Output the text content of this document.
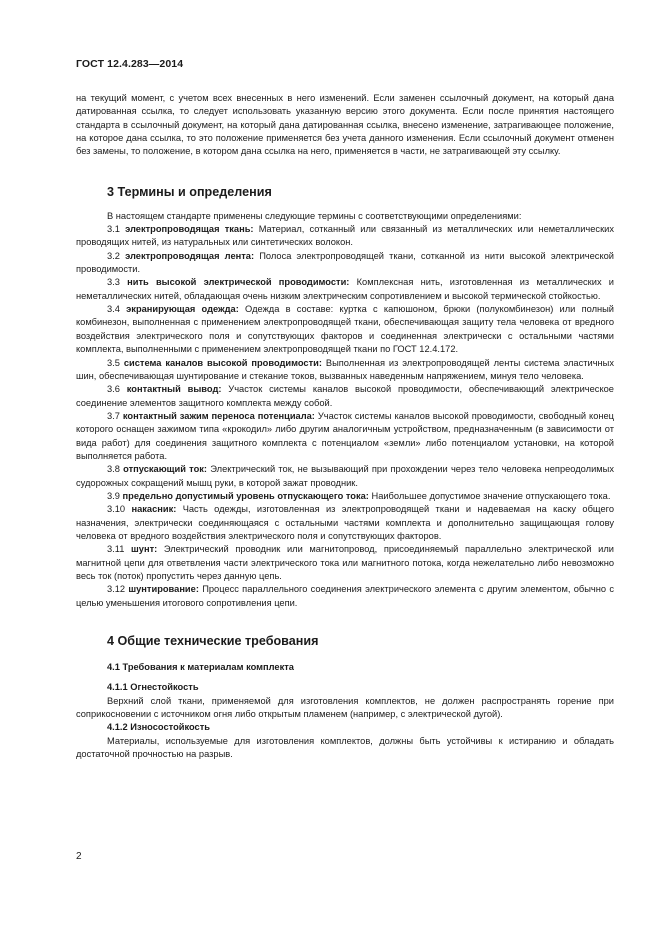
ГОСТ 12.4.283—2014

на текущий момент, с учетом всех внесенных в него изменений. Если заменен ссылочный документ, на который дана датированная ссылка, то следует использовать указанную версию этого документа. Если после принятия настоящего стандарта в ссылочный документ, на который дана датированная ссылка, внесено изменение, затрагивающее положение, на которое дана ссылка, то это положение применяется без учета данного изменения. Если ссылочный документ отменен без замены, то положение, в котором дана ссылка на него, применяется в части, не затрагивающей эту ссылку.

3 Термины и определения

В настоящем стандарте применены следующие термины с соответствующими определениями:

3.1 электропроводящая ткань: Материал, сотканный или связанный из металлических или неметаллических проводящих нитей, из натуральных или синтетических волокон.

3.2 электропроводящая лента: Полоса электропроводящей ткани, сотканной из нити высокой электрической проводимости.

3.3 нить высокой электрической проводимости: Комплексная нить, изготовленная из металлических и неметаллических нитей, обладающая очень низким электрическим сопротивлением и высокой термической стойкостью.

3.4 экранирующая одежда: Одежда в составе: куртка с капюшоном, брюки (полукомбинезон) или полный комбинезон, выполненная с применением электропроводящей ткани, обеспечивающая защиту тела человека от вредного воздействия электрического поля и сопутствующих факторов и соединенная электрически с остальными частями комплекта, выполненными с применением электропроводящей ткани по ГОСТ 12.4.172.

3.5 система каналов высокой проводимости: Выполненная из электропроводящей ленты система эластичных шин, обеспечивающая шунтирование и стекание токов, вызванных наведенным напряжением, минуя тело человека.

3.6 контактный вывод: Участок системы каналов высокой проводимости, обеспечивающий электрическое соединение элементов защитного комплекта между собой.

3.7 контактный зажим переноса потенциала: Участок системы каналов высокой проводимости, свободный конец которого оснащен зажимом типа «крокодил» либо другим аналогичным устройством, предназначенным (в зависимости от вида работ) для соединения защитного комплекта с потенциалом «земли» либо потенциалом установки, на которой выполняется работа.

3.8 отпускающий ток: Электрический ток, не вызывающий при прохождении через тело человека непреодолимых судорожных сокращений мышц руки, в которой зажат проводник.

3.9 предельно допустимый уровень отпускающего тока: Наибольшее допустимое значение отпускающего тока.

3.10 накасник: Часть одежды, изготовленная из электропроводящей ткани и надеваемая на каску общего назначения, электрически соединяющаяся с остальными частями комплекта и дополнительно защищающая голову человека от вредного воздействия электрического поля и сопутствующих факторов.

3.11 шунт: Электрический проводник или магнитопровод, присоединяемый параллельно электрической или магнитной цепи для ответвления части электрического тока или магнитного потока, когда нежелательно либо невозможно весь ток (поток) пропустить через данную цепь.

3.12 шунтирование: Процесс параллельного соединения электрического элемента с другим элементом, обычно с целью уменьшения итогового сопротивления цепи.

4 Общие технические требования
4.1 Требования к материалам комплекта
4.1.1 Огнестойкость

Верхний слой ткани, применяемой для изготовления комплектов, не должен распространять горение при соприкосновении с источником огня либо открытым пламенем (например, с электрической дугой).

4.1.2 Износостойкость

Материалы, используемые для изготовления комплектов, должны быть устойчивы к истиранию и обладать достаточной прочностью на разрыв.

2
